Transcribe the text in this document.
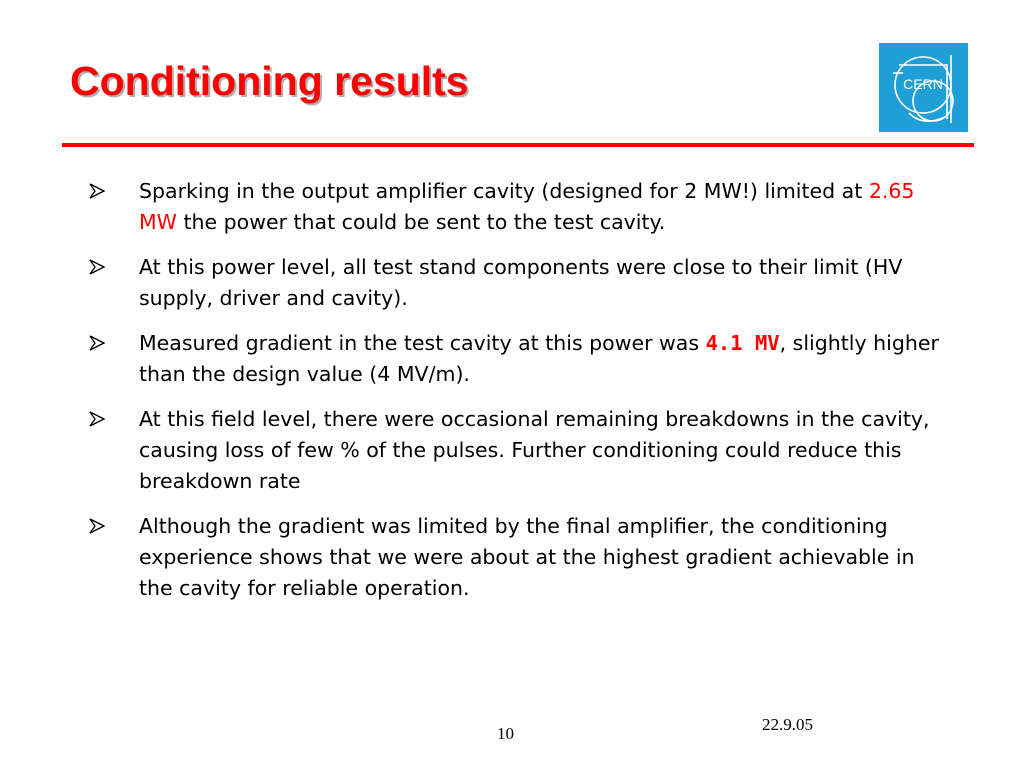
Conditioning results	CERN
Sparking in the output amplifier cavity (designed for 2 MW!) limited at 2.65 MW the power that could be sent to the test cavity.
At this power level, all test stand components were close to their limit (HV supply, driver and cavity).
Measured gradient in the test cavity at this power was 4.1 MV, slightly higher than the design value (4 MV/m).
At this field level, there were occasional remaining breakdowns in the cavity, causing loss of few % of the pulses. Further conditioning could reduce this breakdown rate
Although the gradient was limited by the final amplifier, the conditioning experience shows that we were about at the highest gradient achievable in the cavity for reliable operation.
10	22.9.05
